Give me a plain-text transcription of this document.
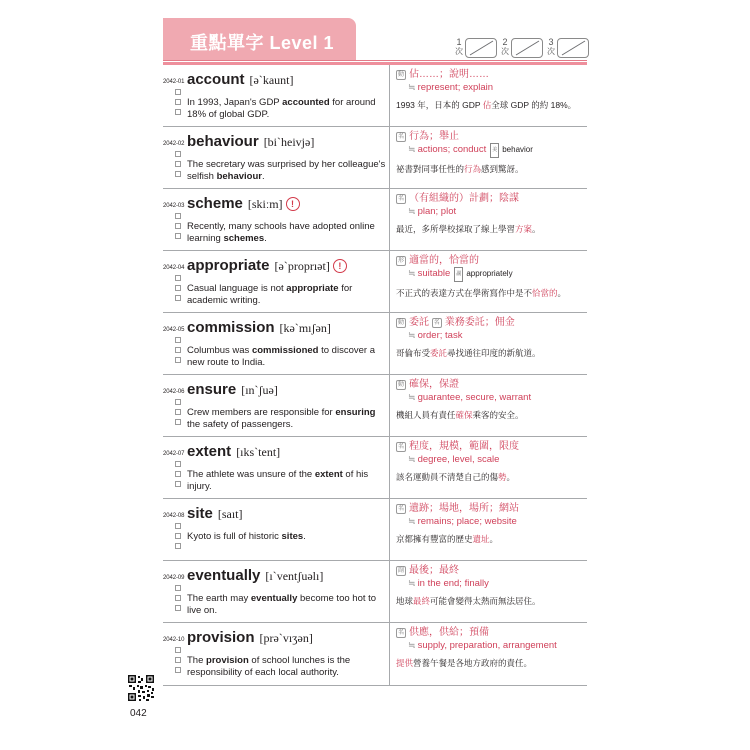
重點單字 Level 1	1
次
2
次
3
次
2042-01 account [əˋkaunt]
In 1993, Japan's GDP accounted for around 18% of global GDP.
動 佔……；說明……
≒ represent; explain
1993 年，日本的 GDP 佔全球 GDP 的約 18%。
2042-02 behaviour [biˋheivjə]
The secretary was surprised by her colleague's selfish behaviour.
名 行為；舉止
≒ actions; conduct 美 behavior
祕書對同事任性的行為感到驚訝。
2042-03 scheme [skiːm] !
Recently, many schools have adopted online learning schemes.
名 （有組織的）計劃；陰謀
≒ plan; plot
最近，多所學校採取了線上學習方案。
2042-04 appropriate [əˋproprıət] !
Casual language is not appropriate for academic writing.
形 適當的，恰當的
≒ suitable 副 appropriately
不正式的表達方式在學術寫作中是不恰當的。
2042-05 commission [kəˋmıʃən]
Columbus was commissioned to discover a new route to India.
動 委託 名 業務委託；佣金
≒ order; task
哥倫布受委託尋找通往印度的新航道。
2042-06 ensure [ınˋʃuə]
Crew members are responsible for ensuring the safety of passengers.
動 確保，保證
≒ guarantee, secure, warrant
機組人員有責任確保乘客的安全。
2042-07 extent [ıksˋtent]
The athlete was unsure of the extent of his injury.
名 程度，規模，範圍，限度
≒ degree, level, scale
該名運動員不清楚自己的傷勢。
2042-08 site [saıt]
Kyoto is full of historic sites.
名 遺跡；場地，場所；網站
≒ remains; place; website
京都擁有豐富的歷史遺址。
2042-09 eventually [ıˋventʃuəlı]
The earth may eventually become too hot to live on.
副 最後；最終
≒ in the end; finally
地球最終可能會變得太熱而無法居住。
2042-10 provision [prəˋvıʒən]
The provision of school lunches is the responsibility of each local authority.
名 供應，供給；預備
≒ supply, preparation, arrangement
提供營養午餐是各地方政府的責任。
042
